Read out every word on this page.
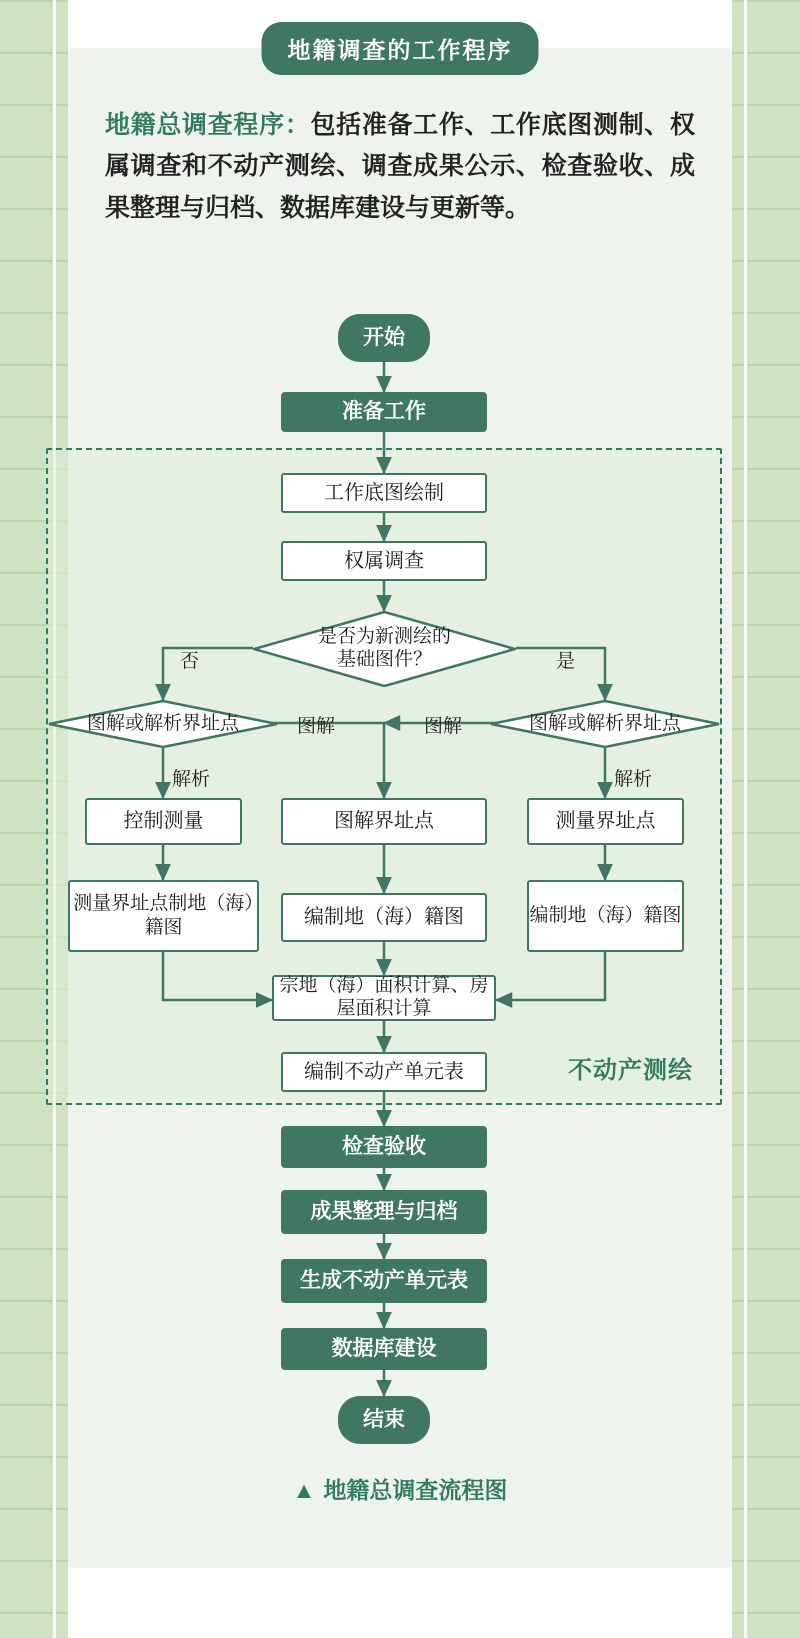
地籍调查的工作程序
地籍总调查程序：包括准备工作、工作底图测制、权属调查和不动产测绘、调查成果公示、检查验收、成果整理与归档、数据库建设与更新等。
不动产测绘
开始
准备工作
工作底图绘制
权属调查
是否为新测绘的基础图件？
图解或解析界址点	图解或解析界址点
否	是
解析
图解	图解
解析
控制测量	图解界址点	测量界址点
测量界址点制地（海）籍图	编制地（海）籍图	编制地（海）籍图
宗地（海）面积计算、房屋面积计算
编制不动产单元表
检查验收
成果整理与归档
生成不动产单元表
数据库建设
结束
▲ 地籍总调查流程图
